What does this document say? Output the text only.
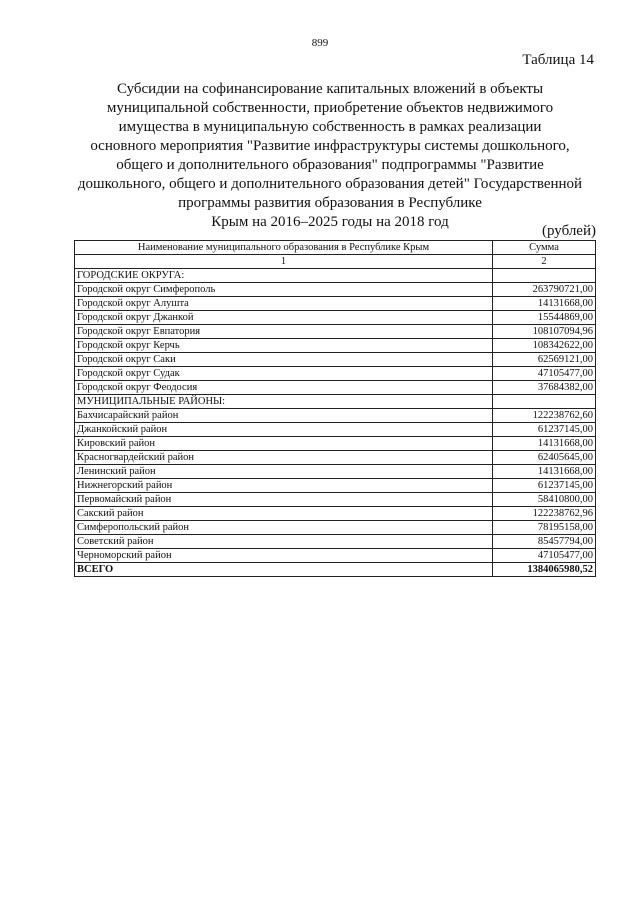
899
Таблица 14
Субсидии на софинансирование капитальных вложений в объекты
муниципальной собственности, приобретение объектов недвижимого
имущества в муниципальную собственность в рамках реализации
основного мероприятия "Развитие инфраструктуры системы дошкольного,
общего и дополнительного образования" подпрограммы "Развитие
дошкольного, общего и дополнительного образования детей" Государственной
программы развития образования в Республике
Крым на 2016–2025 годы на 2018 год
(рублей)
Наименование муниципального образования в Республике Крым	Сумма
1	2
ГОРОДСКИЕ ОКРУГА:	
Городской округ Симферополь	263790721,00
Городской округ Алушта	14131668,00
Городской округ Джанкой	15544869,00
Городской округ Евпатория	108107094,96
Городской округ Керчь	108342622,00
Городской округ Саки	62569121,00
Городской округ Судак	47105477,00
Городской округ Феодосия	37684382,00
МУНИЦИПАЛЬНЫЕ РАЙОНЫ:	
Бахчисарайский район	122238762,60
Джанкойский район	61237145,00
Кировский район	14131668,00
Красногвардейский район	62405645,00
Ленинский район	14131668,00
Нижнегорский район	61237145,00
Первомайский район	58410800,00
Сакский район	122238762,96
Симферопольский район	78195158,00
Советский район	85457794,00
Черноморский район	47105477,00
ВСЕГО	1384065980,52
